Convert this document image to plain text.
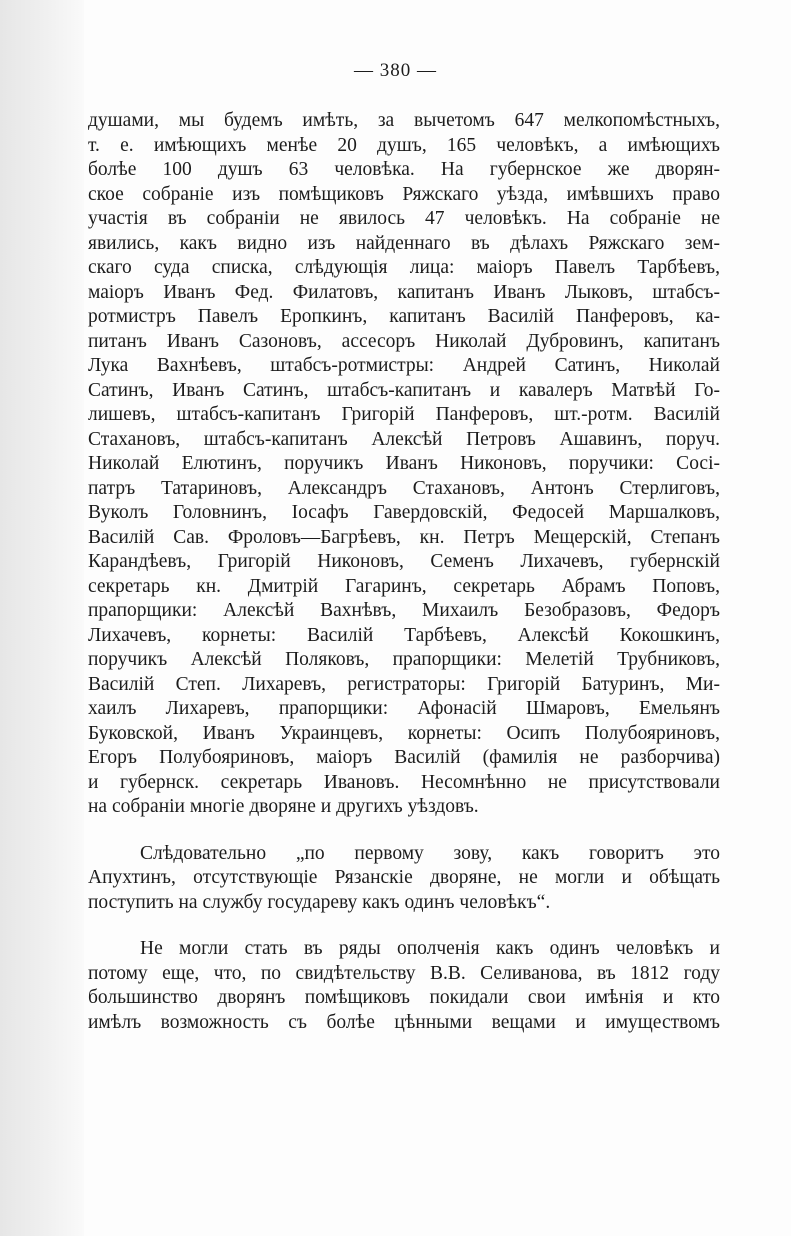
— 380 —
душами, мы будемъ имѣть, за вычетомъ 647 мелкопомѣстныхъ,
т. е. имѣющихъ менѣе 20 душъ, 165 человѣкъ, а имѣющихъ
болѣе 100 душъ 63 человѣка. На губернское же дворян-
ское собраніе изъ помѣщиковъ Ряжскаго уѣзда, имѣвшихъ право
участія въ собраніи не явилось 47 человѣкъ. На собраніе не
явились, какъ видно изъ найденнаго въ дѣлахъ Ряжскаго зем-
скаго суда списка, слѣдующія лица: маіоръ Павелъ Тарбѣевъ,
маіоръ Иванъ Фед. Филатовъ, капитанъ Иванъ Лыковъ, штабсъ-
ротмистръ Павелъ Еропкинъ, капитанъ Василій Панферовъ, ка-
питанъ Иванъ Сазоновъ, ассесоръ Николай Дубровинъ, капитанъ
Лука Вахнѣевъ, штабсъ-ротмистры: Андрей Сатинъ, Николай
Сатинъ, Иванъ Сатинъ, штабсъ-капитанъ и кавалеръ Матвѣй Го-
лишевъ, штабсъ-капитанъ Григорій Панферовъ, шт.-ротм. Василій
Стахановъ, штабсъ-капитанъ Алексѣй Петровъ Ашавинъ, поруч.
Николай Елютинъ, поручикъ Иванъ Никоновъ, поручики: Сосі-
патръ Татариновъ, Александръ Стахановъ, Антонъ Стерлиговъ,
Вуколъ Головнинъ, Іосафъ Гавердовскій, Федосей Маршалковъ,
Василій Сав. Фроловъ—Багрѣевъ, кн. Петръ Мещерскій, Степанъ
Карандѣевъ, Григорій Никоновъ, Семенъ Лихачевъ, губернскій
секретарь кн. Дмитрій Гагаринъ, секретарь Абрамъ Поповъ,
прапорщики: Алексѣй Вахнѣвъ, Михаилъ Безобразовъ, Федоръ
Лихачевъ, корнеты: Василій Тарбѣевъ, Алексѣй Кокошкинъ,
поручикъ Алексѣй Поляковъ, прапорщики: Мелетій Трубниковъ,
Василій Степ. Лихаревъ, регистраторы: Григорій Батуринъ, Ми-
хаилъ Лихаревъ, прапорщики: Афонасій Шмаровъ, Емельянъ
Буковской, Иванъ Украинцевъ, корнеты: Осипъ Полубояриновъ,
Егоръ Полубояриновъ, маіоръ Василій (фамилія не разборчива)
и губернск. секретарь Ивановъ. Несомнѣнно не присутствовали
на собраніи многіе дворяне и другихъ уѣздовъ.
Слѣдовательно „по первому зову, какъ говоритъ это
Апухтинъ, отсутствующіе Рязанскіе дворяне, не могли и обѣщать
поступить на службу государеву какъ одинъ человѣкъ“.
Не могли стать въ ряды ополченія какъ одинъ человѣкъ и
потому еще, что, по свидѣтельству В.В. Селиванова, въ 1812 году
большинство дворянъ помѣщиковъ покидали свои имѣнія и кто
имѣлъ возможность съ болѣе цѣнными вещами и имуществомъ
